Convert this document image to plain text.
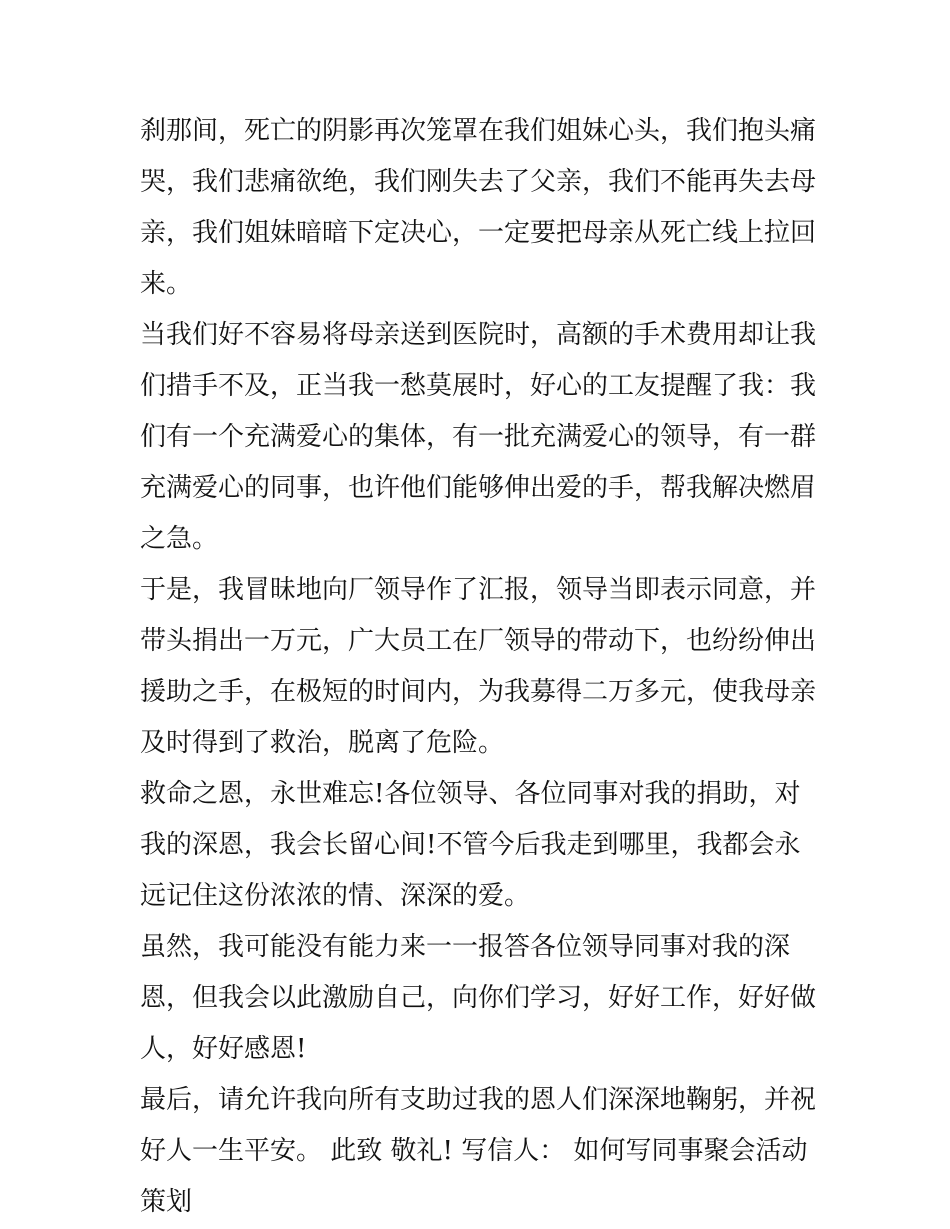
刹那间，死亡的阴影再次笼罩在我们姐妹心头，我们抱头痛哭，我们悲痛欲绝，我们刚失去了父亲，我们不能再失去母亲，我们姐妹暗暗下定决心，一定要把母亲从死亡线上拉回来。

当我们好不容易将母亲送到医院时，高额的手术费用却让我们措手不及，正当我一愁莫展时，好心的工友提醒了我：我们有一个充满爱心的集体，有一批充满爱心的领导，有一群充满爱心的同事，也许他们能够伸出爱的手，帮我解决燃眉之急。

于是，我冒昧地向厂领导作了汇报，领导当即表示同意，并带头捐出一万元，广大员工在厂领导的带动下，也纷纷伸出援助之手，在极短的时间内，为我募得二万多元，使我母亲及时得到了救治，脱离了危险。

救命之恩，永世难忘!各位领导、各位同事对我的捐助，对我的深恩，我会长留心间!不管今后我走到哪里，我都会永远记住这份浓浓的情、深深的爱。

虽然，我可能没有能力来一一报答各位领导同事对我的深恩，但我会以此激励自己，向你们学习，好好工作，好好做人，好好感恩!

最后，请允许我向所有支助过我的恩人们深深地鞠躬，并祝好人一生平安。 此致 敬礼! 写信人： 如何写同事聚会活动策划
